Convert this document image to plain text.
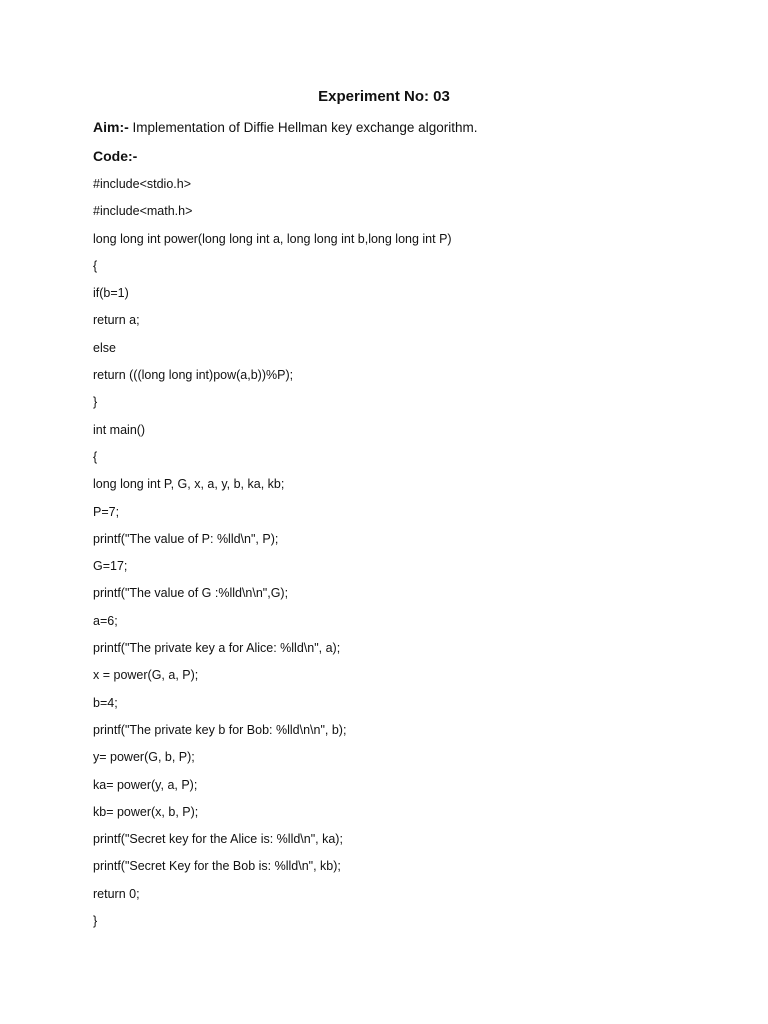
Experiment No: 03
Aim:- Implementation of Diffie Hellman key exchange algorithm.
Code:-
#include<stdio.h>
#include<math.h>
long long int power(long long int a, long long int b,long long int P)
{
if(b=1)
return a;
else
return (((long long int)pow(a,b))%P);
}
int main()
{
long long int P, G, x, a, y, b, ka, kb;
P=7;
printf("The value of P: %lld\n", P);
G=17;
printf("The value of G :%lld\n\n",G);
a=6;
printf("The private key a for Alice: %lld\n", a);
x = power(G, a, P);
b=4;
printf("The private key b for Bob: %lld\n\n", b);
y= power(G, b, P);
ka= power(y, a, P);
kb= power(x, b, P);
printf("Secret key for the Alice is: %lld\n", ka);
printf("Secret Key for the Bob is: %lld\n", kb);
return 0;
}
